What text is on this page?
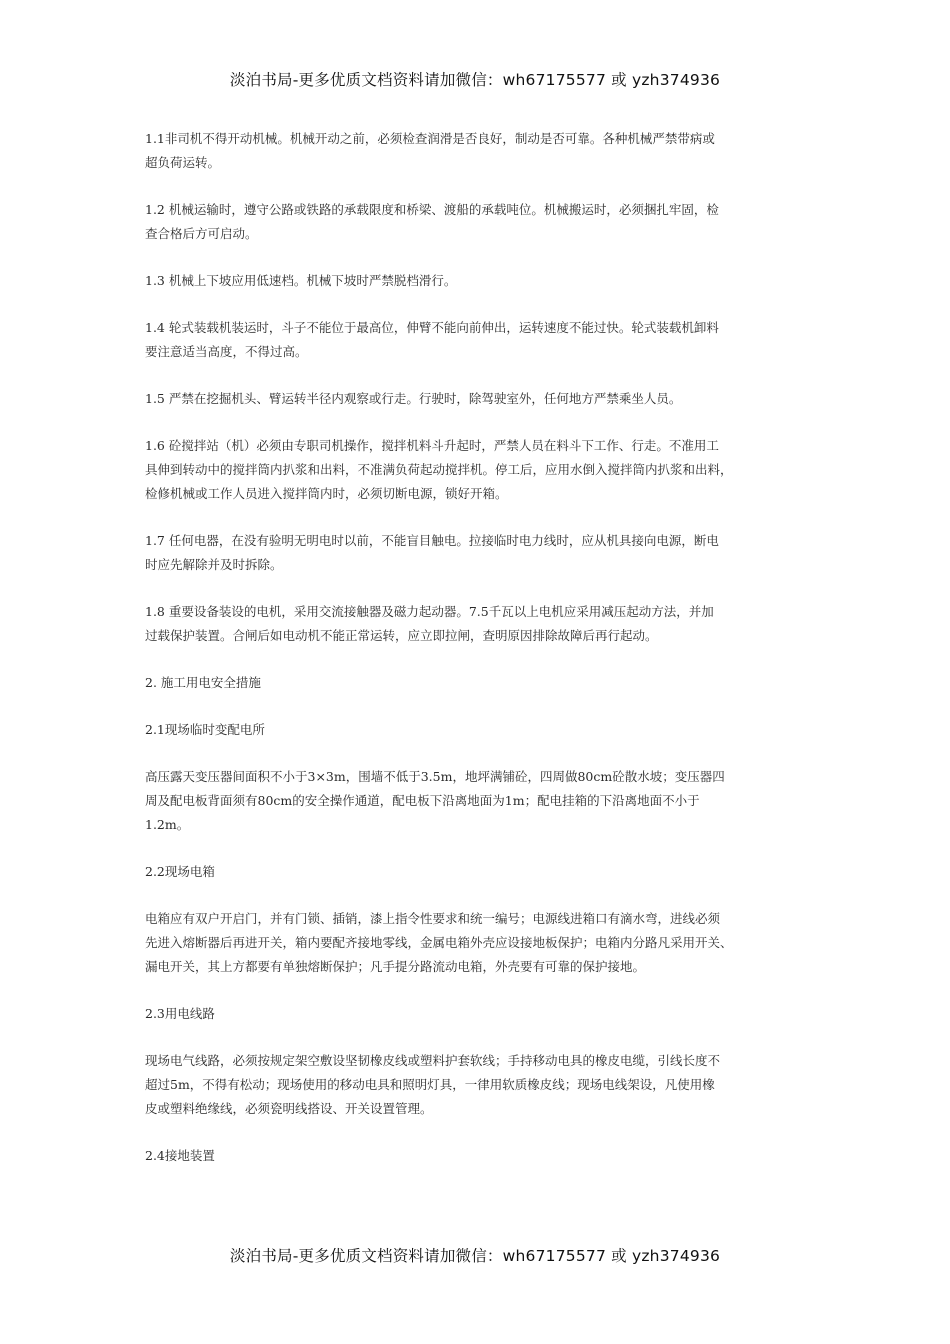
淡泊书局-更多优质文档资料请加微信：wh67175577 或 yzh374936

1.1非司机不得开动机械。机械开动之前，必须检查润滑是否良好，制动是否可靠。各种机械严禁带病或
超负荷运转。

1.2 机械运输时，遵守公路或铁路的承载限度和桥梁、渡船的承载吨位。机械搬运时，必须捆扎牢固，检
查合格后方可启动。

1.3 机械上下坡应用低速档。机械下坡时严禁脱档滑行。

1.4 轮式装载机装运时，斗子不能位于最高位，伸臂不能向前伸出，运转速度不能过快。轮式装载机卸料
要注意适当高度，不得过高。

1.5 严禁在挖掘机头、臂运转半径内观察或行走。行驶时，除驾驶室外，任何地方严禁乘坐人员。

1.6 砼搅拌站（机）必须由专职司机操作，搅拌机料斗升起时，严禁人员在料斗下工作、行走。不准用工
具伸到转动中的搅拌筒内扒浆和出料，不准满负荷起动搅拌机。停工后，应用水倒入搅拌筒内扒浆和出料，
检修机械或工作人员进入搅拌筒内时，必须切断电源，锁好开箱。

1.7 任何电器，在没有验明无明电时以前，不能盲目触电。拉接临时电力线时，应从机具接向电源，断电
时应先解除并及时拆除。

1.8 重要设备装设的电机，采用交流接触器及磁力起动器。7.5千瓦以上电机应采用减压起动方法，并加
过载保护装置。合闸后如电动机不能正常运转，应立即拉闸，查明原因排除故障后再行起动。

2. 施工用电安全措施

2.1现场临时变配电所

高压露天变压器间面积不小于3×3m，围墙不低于3.5m，地坪满铺砼，四周做80cm砼散水坡；变压器四
周及配电板背面须有80cm的安全操作通道，配电板下沿离地面为1m；配电挂箱的下沿离地面不小于
1.2m。

2.2现场电箱

电箱应有双户开启门，并有门锁、插销，漆上指令性要求和统一编号；电源线进箱口有滴水弯，进线必须
先进入熔断器后再进开关，箱内要配齐接地零线，金属电箱外壳应设接地板保护；电箱内分路凡采用开关、
漏电开关，其上方都要有单独熔断保护；凡手提分路流动电箱，外壳要有可靠的保护接地。

2.3用电线路

现场电气线路，必须按规定架空敷设坚韧橡皮线或塑料护套软线；手持移动电具的橡皮电缆，引线长度不
超过5m，不得有松动；现场使用的移动电具和照明灯具，一律用软质橡皮线；现场电线架设，凡使用橡
皮或塑料绝缘线，必须瓷明线搭设、开关设置管理。

2.4接地装置

淡泊书局-更多优质文档资料请加微信：wh67175577 或 yzh374936
